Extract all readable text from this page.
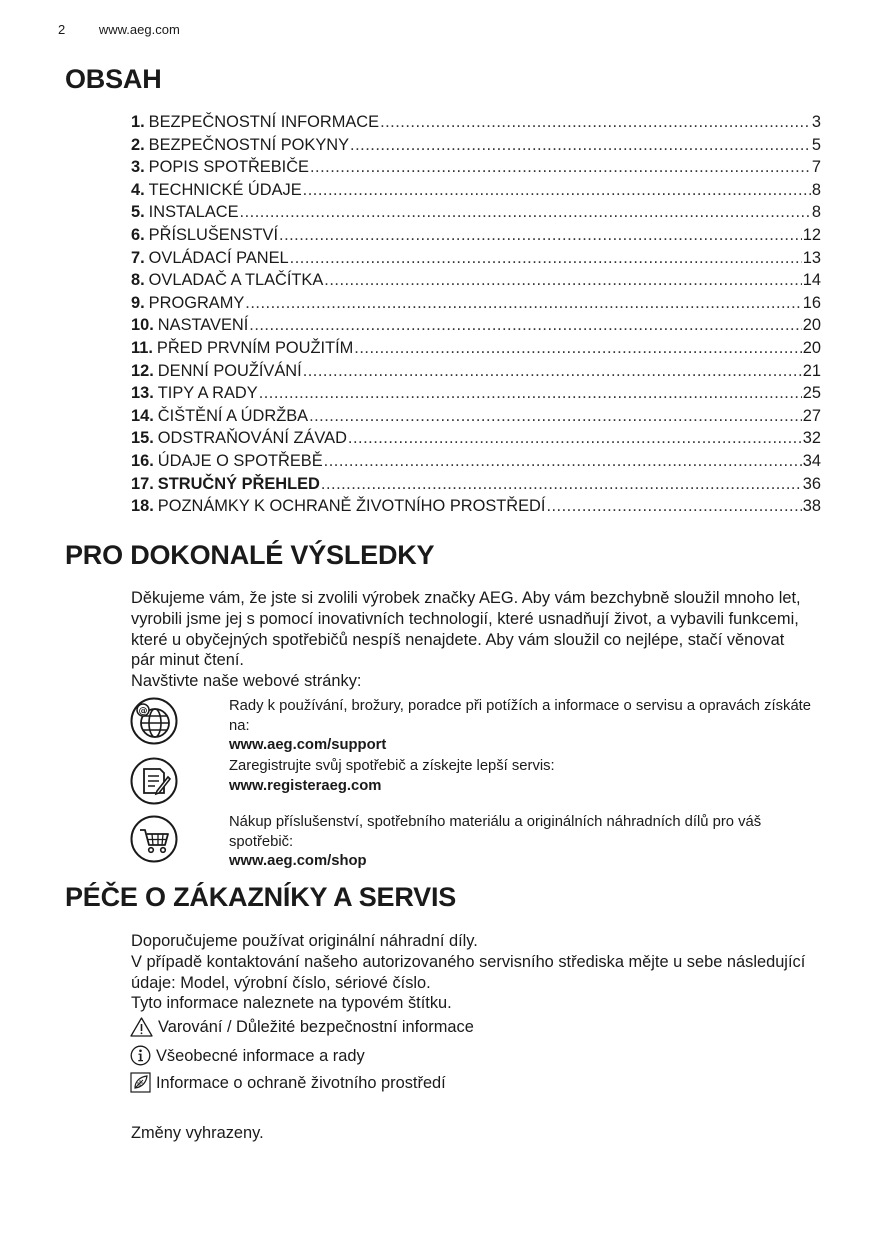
2	www.aeg.com
OBSAH
1. BEZPEČNOSTNÍ INFORMACE .....	3
2. BEZPEČNOSTNÍ POKYNY .....	5
3. POPIS SPOTŘEBIČE .....	7
4. TECHNICKÉ ÚDAJE .....	8
5. INSTALACE .....	8
6. PŘÍSLUŠENSTVÍ .....	12
7. OVLÁDACÍ PANEL .....	13
8. OVLADAČ A TLAČÍTKA .....	14
9. PROGRAMY .....	16
10. NASTAVENÍ .....	20
11. PŘED PRVNÍM POUŽITÍM .....	20
12. DENNÍ POUŽÍVÁNÍ .....	21
13. TIPY A RADY .....	25
14. ČIŠTĚNÍ A ÚDRŽBA .....	27
15. ODSTRAŇOVÁNÍ ZÁVAD .....	32
16. ÚDAJE O SPOTŘEBĚ .....	34
17. STRUČNÝ PŘEHLED .....	36
18. POZNÁMKY K OCHRANĚ ŽIVOTNÍHO PROSTŘEDÍ .....	38
PRO DOKONALÉ VÝSLEDKY

Děkujeme vám, že jste si zvolili výrobek značky AEG. Aby vám bezchybně sloužil mnoho let, vyrobili jsme jej s pomocí inovativních technologií, které usnadňují život, a vybavili funkcemi, které u obyčejných spotřebičů nespíš nenajdete. Aby vám sloužil co nejlépe, stačí věnovat pár minut čtení.

Navštivte naše webové stránky:

@	Rady k používání, brožury, poradce při potížích a informace o servisu a opravách získáte na:
www.aeg.com/support
Zaregistrujte svůj spotřebič a získejte lepší servis:
www.registeraeg.com
Nákup příslušenství, spotřebního materiálu a originálních náhradních dílů pro váš spotřebič:
www.aeg.com/shop
PÉČE O ZÁKAZNÍKY A SERVIS
Doporučujeme používat originální náhradní díly.
V případě kontaktování našeho autorizovaného servisního střediska mějte u sebe následující údaje: Model, výrobní číslo, sériové číslo.
Tyto informace naleznete na typovém štítku.
Varování / Důležité bezpečnostní informace
Všeobecné informace a rady
Informace o ochraně životního prostředí
Změny vyhrazeny.
